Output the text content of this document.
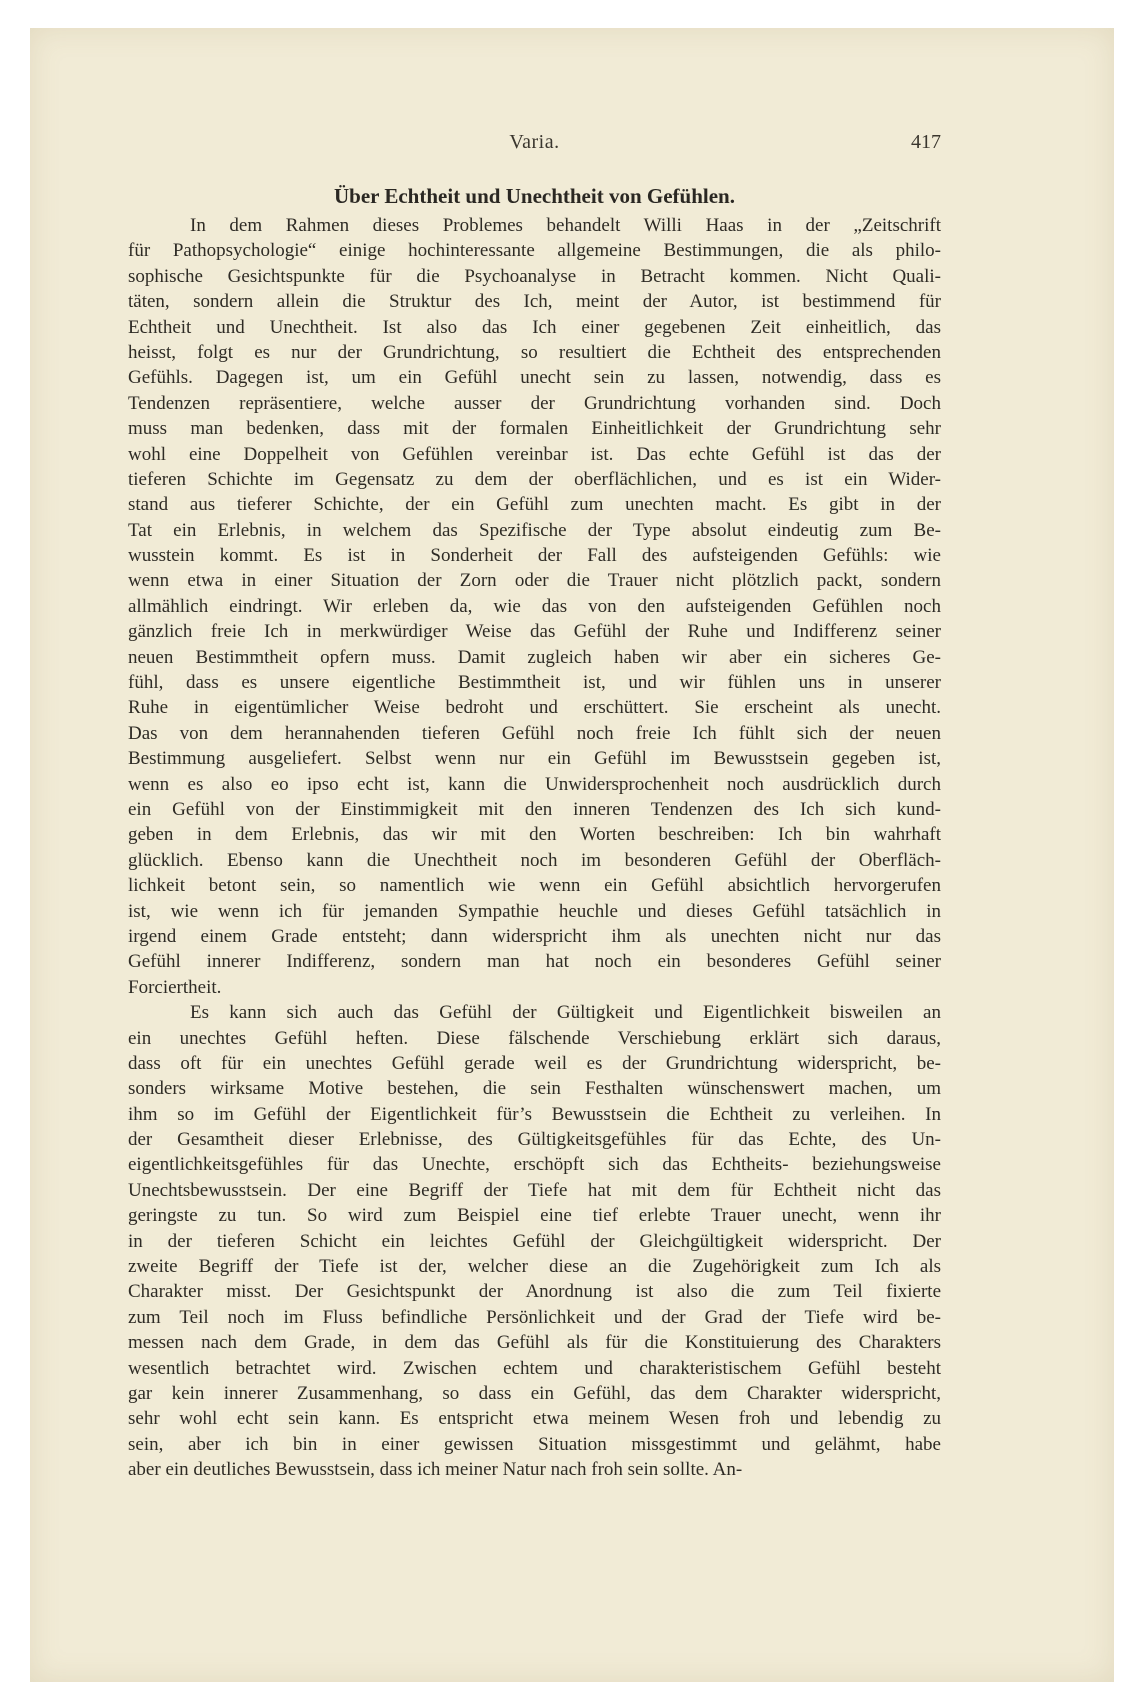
Varia.	417
Über Echtheit und Unechtheit von Gefühlen.
In dem Rahmen dieses Problemes behandelt Willi Haas in der „Zeitschrift
für Pathopsychologie“ einige hochinteressante allgemeine Bestimmungen, die als philo-
sophische Gesichtspunkte für die Psychoanalyse in Betracht kommen. Nicht Quali-
täten, sondern allein die Struktur des Ich, meint der Autor, ist bestimmend für
Echtheit und Unechtheit. Ist also das Ich einer gegebenen Zeit einheitlich, das
heisst, folgt es nur der Grundrichtung, so resultiert die Echtheit des entsprechenden
Gefühls. Dagegen ist, um ein Gefühl unecht sein zu lassen, notwendig, dass es
Tendenzen repräsentiere, welche ausser der Grundrichtung vorhanden sind. Doch
muss man bedenken, dass mit der formalen Einheitlichkeit der Grundrichtung sehr
wohl eine Doppelheit von Gefühlen vereinbar ist. Das echte Gefühl ist das der
tieferen Schichte im Gegensatz zu dem der oberflächlichen, und es ist ein Wider-
stand aus tieferer Schichte, der ein Gefühl zum unechten macht. Es gibt in der
Tat ein Erlebnis, in welchem das Spezifische der Type absolut eindeutig zum Be-
wusstein kommt. Es ist in Sonderheit der Fall des aufsteigenden Gefühls: wie
wenn etwa in einer Situation der Zorn oder die Trauer nicht plötzlich packt, sondern
allmählich eindringt. Wir erleben da, wie das von den aufsteigenden Gefühlen noch
gänzlich freie Ich in merkwürdiger Weise das Gefühl der Ruhe und Indifferenz seiner
neuen Bestimmtheit opfern muss. Damit zugleich haben wir aber ein sicheres Ge-
fühl, dass es unsere eigentliche Bestimmtheit ist, und wir fühlen uns in unserer
Ruhe in eigentümlicher Weise bedroht und erschüttert. Sie erscheint als unecht.
Das von dem herannahenden tieferen Gefühl noch freie Ich fühlt sich der neuen
Bestimmung ausgeliefert. Selbst wenn nur ein Gefühl im Bewusstsein gegeben ist,
wenn es also eo ipso echt ist, kann die Unwidersprochenheit noch ausdrücklich durch
ein Gefühl von der Einstimmigkeit mit den inneren Tendenzen des Ich sich kund-
geben in dem Erlebnis, das wir mit den Worten beschreiben: Ich bin wahrhaft
glücklich. Ebenso kann die Unechtheit noch im besonderen Gefühl der Oberfläch-
lichkeit betont sein, so namentlich wie wenn ein Gefühl absichtlich hervorgerufen
ist, wie wenn ich für jemanden Sympathie heuchle und dieses Gefühl tatsächlich in
irgend einem Grade entsteht; dann widerspricht ihm als unechten nicht nur das
Gefühl innerer Indifferenz, sondern man hat noch ein besonderes Gefühl seiner
Forciertheit.
Es kann sich auch das Gefühl der Gültigkeit und Eigentlichkeit bisweilen an
ein unechtes Gefühl heften. Diese fälschende Verschiebung erklärt sich daraus,
dass oft für ein unechtes Gefühl gerade weil es der Grundrichtung widerspricht, be-
sonders wirksame Motive bestehen, die sein Festhalten wünschenswert machen, um
ihm so im Gefühl der Eigentlichkeit für’s Bewusstsein die Echtheit zu verleihen. In
der Gesamtheit dieser Erlebnisse, des Gültigkeitsgefühles für das Echte, des Un-
eigentlichkeitsgefühles für das Unechte, erschöpft sich das Echtheits- beziehungsweise
Unechtsbewusstsein. Der eine Begriff der Tiefe hat mit dem für Echtheit nicht das
geringste zu tun. So wird zum Beispiel eine tief erlebte Trauer unecht, wenn ihr
in der tieferen Schicht ein leichtes Gefühl der Gleichgültigkeit widerspricht. Der
zweite Begriff der Tiefe ist der, welcher diese an die Zugehörigkeit zum Ich als
Charakter misst. Der Gesichtspunkt der Anordnung ist also die zum Teil fixierte
zum Teil noch im Fluss befindliche Persönlichkeit und der Grad der Tiefe wird be-
messen nach dem Grade, in dem das Gefühl als für die Konstituierung des Charakters
wesentlich betrachtet wird. Zwischen echtem und charakteristischem Gefühl besteht
gar kein innerer Zusammenhang, so dass ein Gefühl, das dem Charakter widerspricht,
sehr wohl echt sein kann. Es entspricht etwa meinem Wesen froh und lebendig zu
sein, aber ich bin in einer gewissen Situation missgestimmt und gelähmt, habe
aber ein deutliches Bewusstsein, dass ich meiner Natur nach froh sein sollte. An-
